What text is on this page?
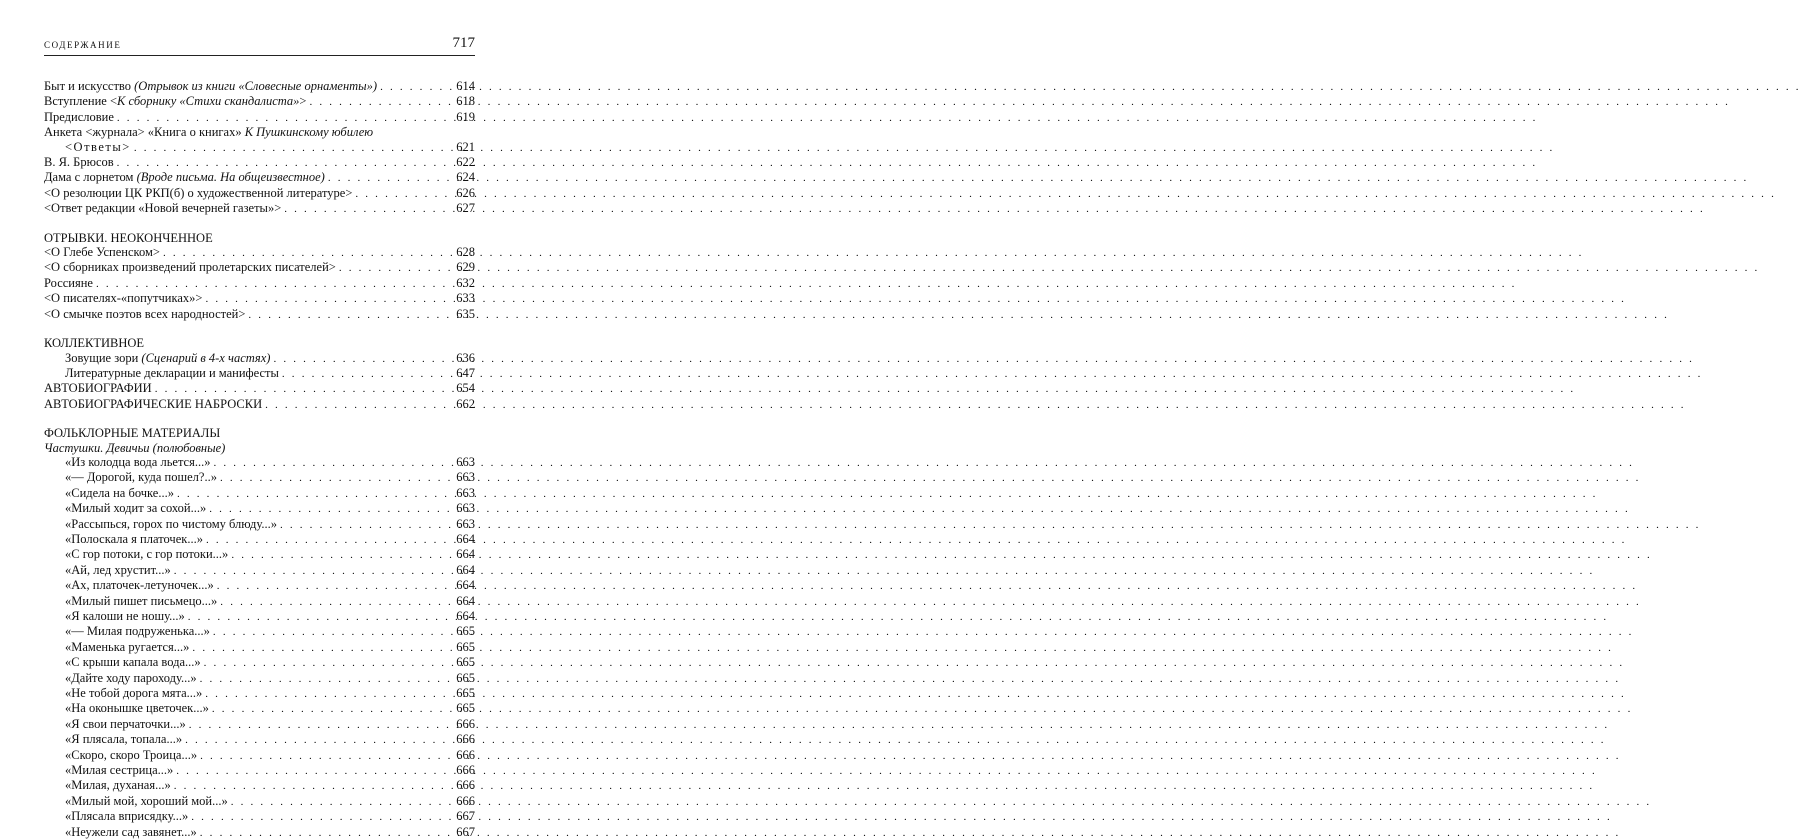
СОДЕРЖАНИЕ	717
Быт и искусство (Отрывок из книги «Словесные орнаменты») . . .	614
Вступление <К сборнику «Стихи скандалиста»> . . .	618
Предисловие . . .	619
Анкета <журнала> «Книга о книгах» К Пушкинскому юбилею
<Ответы> . . .	621
В. Я. Брюсов . . .	622
Дама с лорнетом (Вроде письма. На общеизвестное) . . .	624
<О резолюции ЦК РКП(б) о художественной литературе> . . .	626
<Ответ редакции «Новой вечерней газеты»> . . .	627
ОТРЫВКИ. НЕОКОНЧЕННОЕ
<О Глебе Успенском> . . .	628
<О сборниках произведений пролетарских писателей> . . .	629
Россияне . . .	632
<О писателях-«попутчиках»> . . .	633
<О смычке поэтов всех народностей> . . .	635
КОЛЛЕКТИВНОЕ
Зовущие зори (Сценарий в 4-х частях) . . .	636
Литературные декларации и манифесты . . .	647
АВТОБИОГРАФИИ . . .	654
АВТОБИОГРАФИЧЕСКИЕ НАБРОСКИ . . .	662
ФОЛЬКЛОРНЫЕ МАТЕРИАЛЫ
Частушки. Девичьи (полюбовные)
«Из колодца вода льется...» . . .	663
«— Дорогой, куда пошел?..» . . .	663
«Сидела на бочке...» . . .	663
«Милый ходит за сохой...» . . .	663
«Рассыпься, горох по чистому блюду...» . . .	663
«Полоскала я платочек...» . . .	664
«С гор потоки, с гор потоки...» . . .	664
«Ай, лед хрустит...» . . .	664
«Ах, платочек-летуночек...» . . .	664
«Милый пишет письмецо...» . . .	664
«Я калоши не ношу...» . . .	664
«— Милая подруженька...» . . .	665
«Маменька ругается...» . . .	665
«С крыши капала вода...» . . .	665
«Дайте ходу пароходу...» . . .	665
«Не тобой дорога мята...» . . .	665
«На оконышке цветочек...» . . .	665
«Я свои перчаточки...» . . .	666
«Я плясала, топала...» . . .	666
«Скоро, скоро Троица...» . . .	666
«Милая сестрица...» . . .	666
«Милая, духаная...» . . .	666
«Милый мой, хороший мой...» . . .	666
«Плясала вприсядку...» . . .	667
«Неужели сад завянет...» . . .	667
